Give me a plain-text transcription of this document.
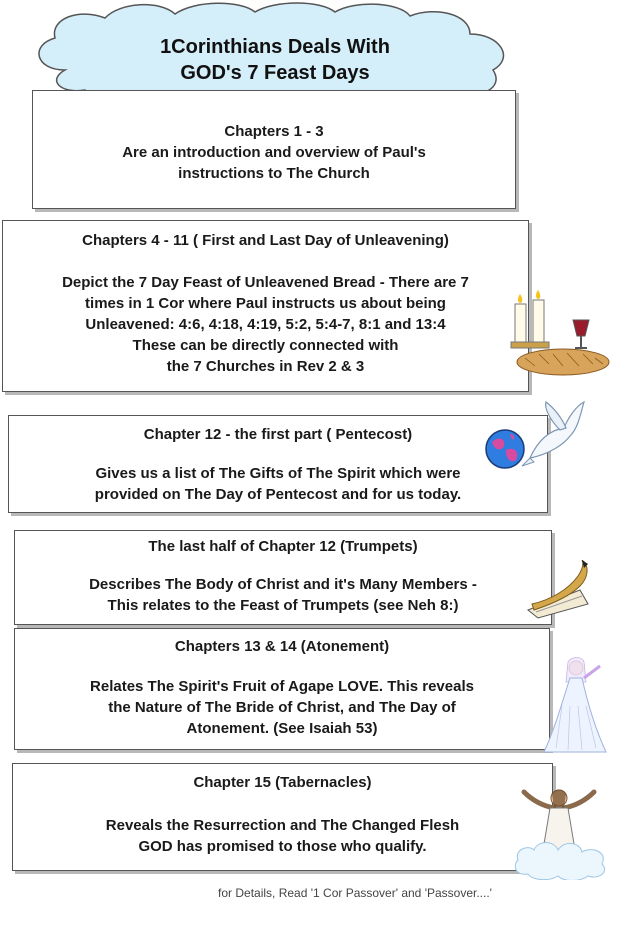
1Corinthians Deals With
GOD's 7 Feast Days
Chapters 1 - 3
Are an introduction and overview of Paul's
instructions to The Church
Chapters 4 - 11 ( First and Last Day of Unleavening)
Depict the 7 Day Feast of Unleavened Bread - There are 7
times in 1 Cor where Paul instructs us about being
Unleavened: 4:6, 4:18, 4:19, 5:2, 5:4-7, 8:1 and 13:4
These can be directly connected with
the 7 Churches in Rev 2 & 3
Chapter 12 - the first part ( Pentecost)
Gives us a list of The Gifts of The Spirit which were
provided on The Day of Pentecost and for us today.
The last half of Chapter 12 (Trumpets)
Describes The Body of Christ and it's Many Members -
This relates to the Feast of Trumpets (see Neh 8:)
Chapters 13 & 14 (Atonement)
Relates The Spirit's Fruit of Agape LOVE. This reveals
the Nature of The Bride of Christ, and The Day of
Atonement. (See Isaiah 53)
Chapter 15 (Tabernacles)
Reveals the Resurrection and The Changed Flesh
GOD has promised to those who qualify.
for Details, Read '1 Cor Passover' and 'Passover....'
